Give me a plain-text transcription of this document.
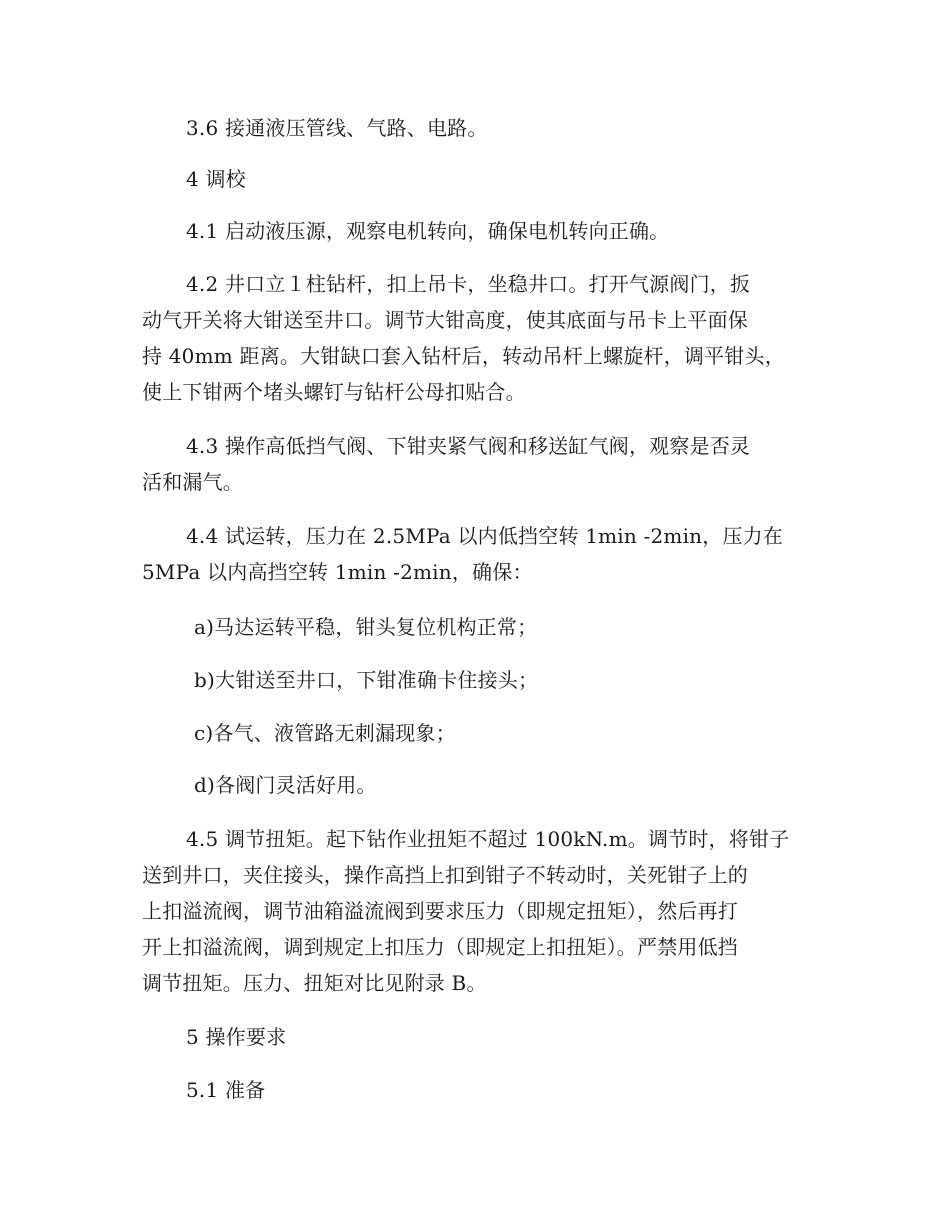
3.6 接通液压管线、气路、电路。
4 调校
4.1 启动液压源，观察电机转向，确保电机转向正确。
4.2 井口立１柱钻杆，扣上吊卡，坐稳井口。打开气源阀门，扳
动气开关将大钳送至井口。调节大钳高度，使其底面与吊卡上平面保
持 40mm 距离。大钳缺口套入钻杆后，转动吊杆上螺旋杆，调平钳头，
使上下钳两个堵头螺钉与钻杆公母扣贴合。
4.3 操作高低挡气阀、下钳夹紧气阀和移送缸气阀，观察是否灵
活和漏气。
4.4 试运转，压力在 2.5MPa 以内低挡空转 1min -2min，压力在
5MPa 以内高挡空转 1min -2min，确保：
a)马达运转平稳，钳头复位机构正常；
b)大钳送至井口，下钳准确卡住接头；
c)各气、液管路无刺漏现象；
d)各阀门灵活好用。
4.5 调节扭矩。起下钻作业扭矩不超过 100kN.m。调节时，将钳子
送到井口，夹住接头，操作高挡上扣到钳子不转动时，关死钳子上的
上扣溢流阀，调节油箱溢流阀到要求压力（即规定扭矩），然后再打
开上扣溢流阀，调到规定上扣压力（即规定上扣扭矩）。严禁用低挡
调节扭矩。压力、扭矩对比见附录 B。
5 操作要求
5.1 准备
